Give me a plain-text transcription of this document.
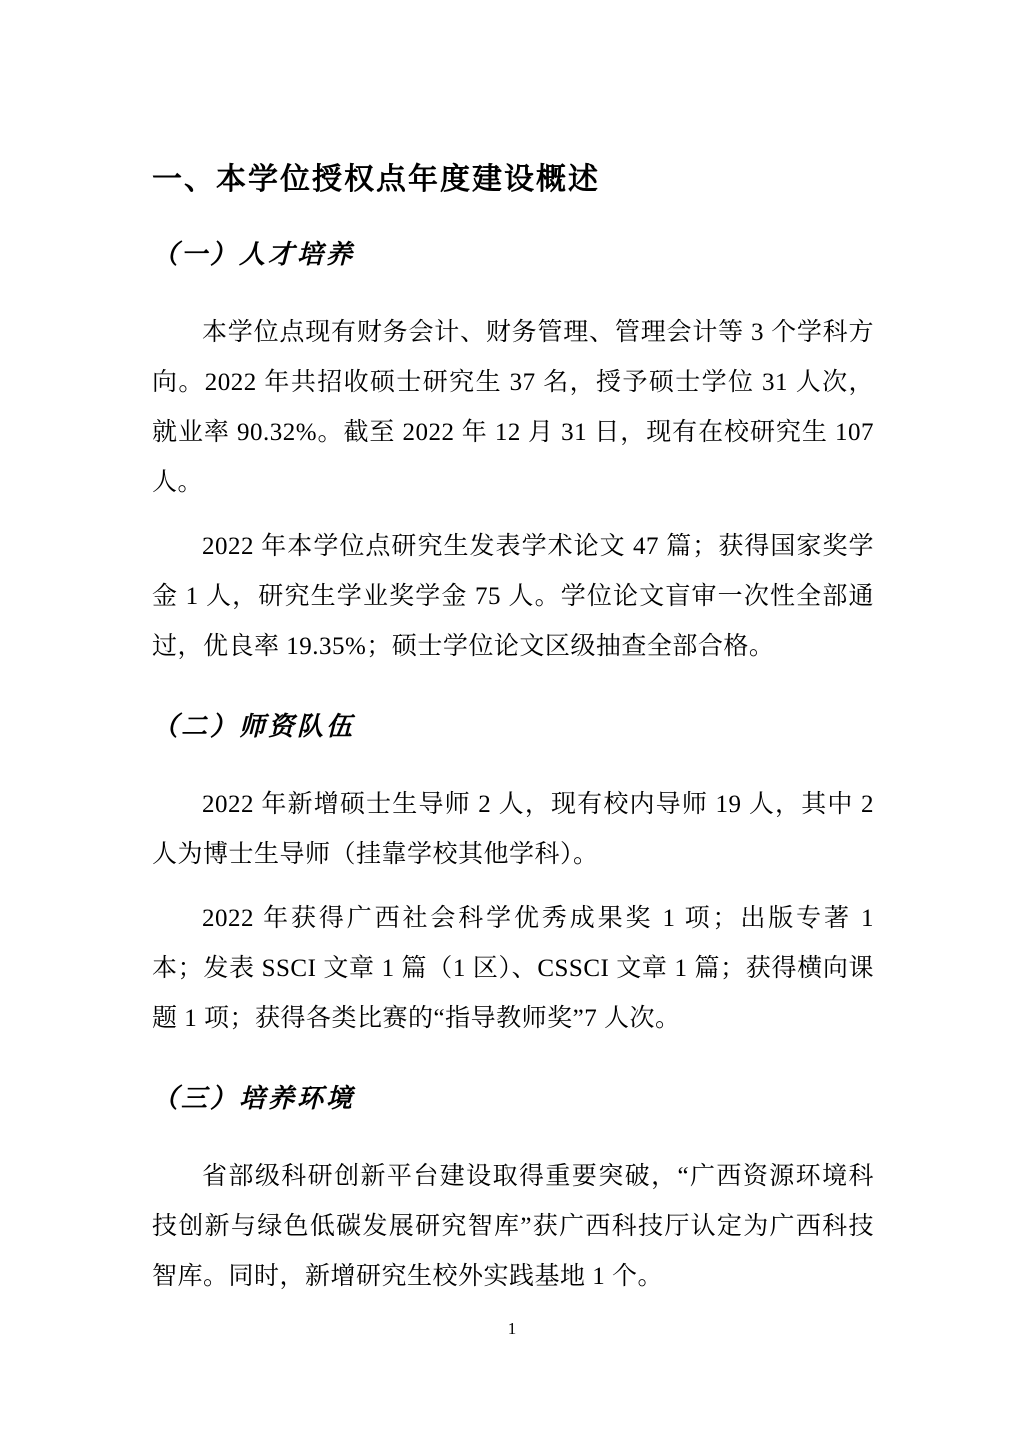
一、本学位授权点年度建设概述
（一）人才培养

本学位点现有财务会计、财务管理、管理会计等 3 个学科方向。2022 年共招收硕士研究生 37 名，授予硕士学位 31 人次，就业率 90.32%。截至 2022 年 12 月 31 日，现有在校研究生 107 人。

2022 年本学位点研究生发表学术论文 47 篇；获得国家奖学金 1 人，研究生学业奖学金 75 人。学位论文盲审一次性全部通过，优良率 19.35%；硕士学位论文区级抽查全部合格。

（二）师资队伍

2022 年新增硕士生导师 2 人，现有校内导师 19 人，其中 2 人为博士生导师（挂靠学校其他学科）。

2022 年获得广西社会科学优秀成果奖 1 项；出版专著 1 本；发表 SSCI 文章 1 篇（1 区）、CSSCI 文章 1 篇；获得横向课题 1 项；获得各类比赛的“指导教师奖”7 人次。

（三）培养环境

省部级科研创新平台建设取得重要突破，“广西资源环境科技创新与绿色低碳发展研究智库”获广西科技厅认定为广西科技智库。同时，新增研究生校外实践基地 1 个。

1
